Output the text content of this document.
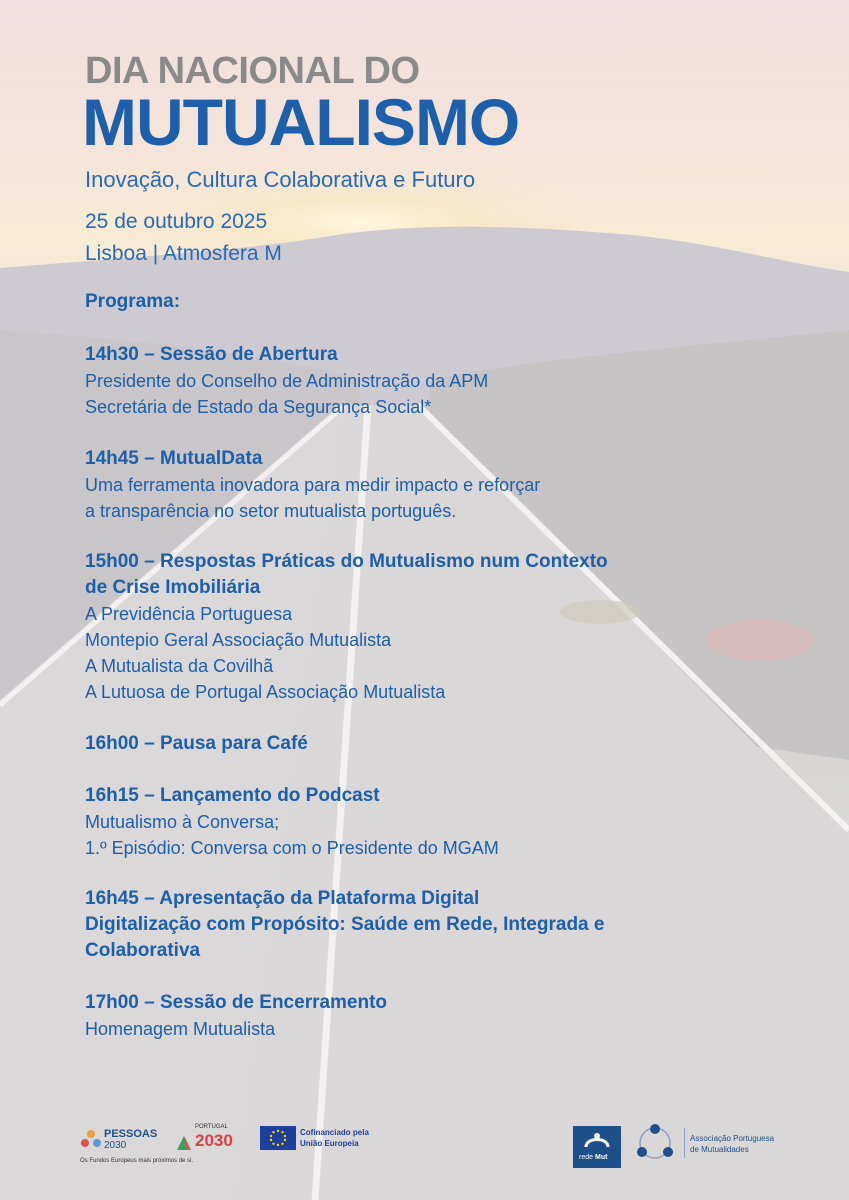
DIA NACIONAL DO
MUTUALISMO
Inovação, Cultura Colaborativa e Futuro
25 de outubro 2025
Lisboa | Atmosfera M
Programa:
14h30 – Sessão de Abertura
Presidente do Conselho de Administração da APM
Secretária de Estado da Segurança Social*
14h45 – MutualData
Uma ferramenta inovadora para medir impacto e reforçar
a transparência no setor mutualista português.
15h00 – Respostas Práticas do Mutualismo num Contexto
de Crise Imobiliária
A Previdência Portuguesa
Montepio Geral Associação Mutualista
A Mutualista da Covilhã
A Lutuosa de Portugal Associação Mutualista
16h00 – Pausa para Café
16h15 – Lançamento do Podcast
Mutualismo à Conversa;
1.º Episódio: Conversa com o Presidente do MGAM
16h45 – Apresentação da Plataforma Digital
Digitalização com Propósito: Saúde em Rede, Integrada e
Colaborativa
17h00 – Sessão de Encerramento
Homenagem Mutualista
PESSOAS
2030
Os Fundos Europeus mais próximos de si.
PORTUGAL
2030	Cofinanciado pela
União Europeia
rede Mut
Associação Portuguesa
de Mutualidades
